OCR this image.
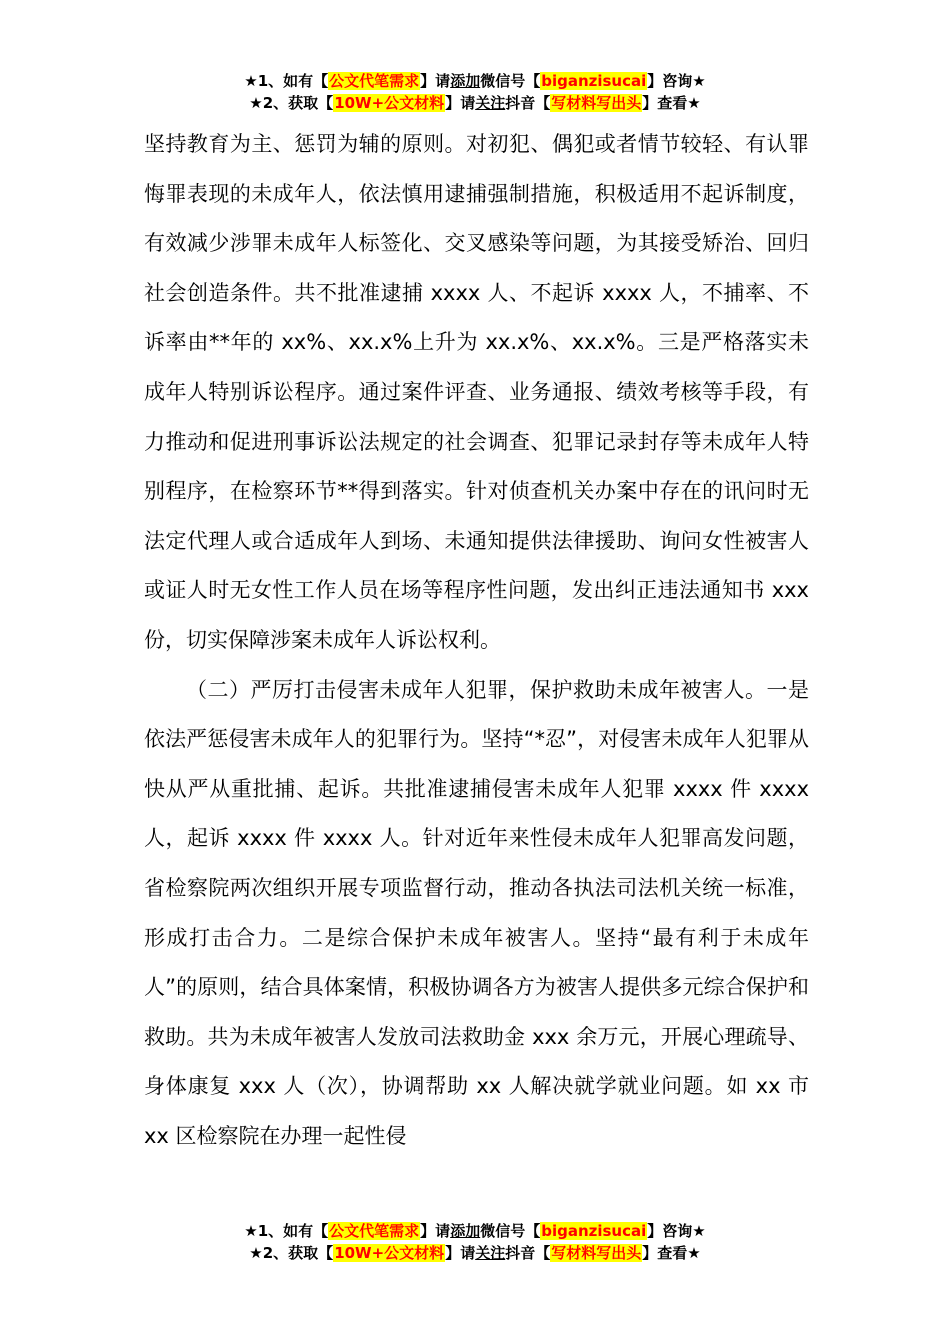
★1、如有【公文代笔需求】请添加微信号【biganzisucai】咨询★
★2、获取【10W+公文材料】请关注抖音【写材料写出头】查看★

坚持教育为主、惩罚为辅的原则。对初犯、偶犯或者情节较轻、有认罪悔罪表现的未成年人，依法慎用逮捕强制措施，积极适用不起诉制度，有效减少涉罪未成年人标签化、交叉感染等问题，为其接受矫治、回归社会创造条件。共不批准逮捕 xxxx 人、不起诉 xxxx 人，不捕率、不诉率由**年的 xx%、xx.x%上升为 xx.x%、xx.x%。三是严格落实未成年人特别诉讼程序。通过案件评查、业务通报、绩效考核等手段，有力推动和促进刑事诉讼法规定的社会调查、犯罪记录封存等未成年人特别程序，在检察环节**得到落实。针对侦查机关办案中存在的讯问时无法定代理人或合适成年人到场、未通知提供法律援助、询问女性被害人或证人时无女性工作人员在场等程序性问题，发出纠正违法通知书 xxx 份，切实保障涉案未成年人诉讼权利。

（二）严厉打击侵害未成年人犯罪，保护救助未成年被害人。一是依法严惩侵害未成年人的犯罪行为。坚持“*忍”，对侵害未成年人犯罪从快从严从重批捕、起诉。共批准逮捕侵害未成年人犯罪 xxxx 件 xxxx 人，起诉 xxxx 件 xxxx 人。针对近年来性侵未成年人犯罪高发问题，省检察院两次组织开展专项监督行动，推动各执法司法机关统一标准，形成打击合力。二是综合保护未成年被害人。坚持“最有利于未成年人”的原则，结合具体案情，积极协调各方为被害人提供多元综合保护和救助。共为未成年被害人发放司法救助金 xxx 余万元，开展心理疏导、身体康复 xxx 人（次），协调帮助 xx 人解决就学就业问题。如 xx 市 xx 区检察院在办理一起性侵

★1、如有【公文代笔需求】请添加微信号【biganzisucai】咨询★
★2、获取【10W+公文材料】请关注抖音【写材料写出头】查看★
